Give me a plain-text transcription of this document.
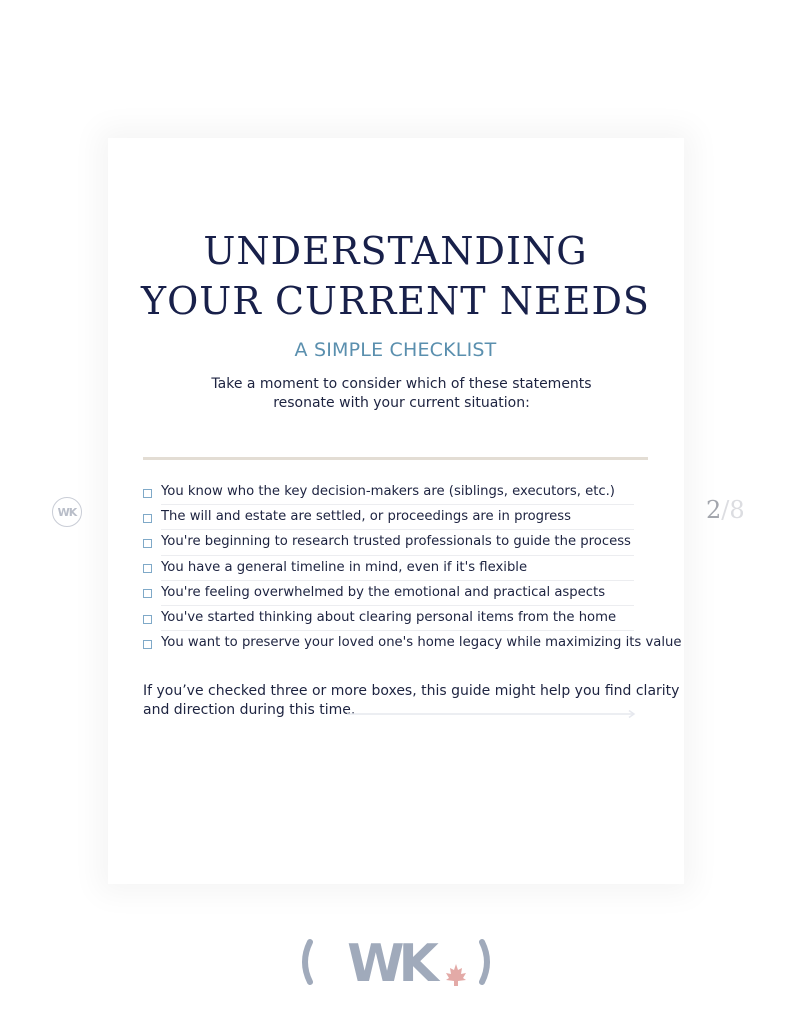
UNDERSTANDING
YOUR CURRENT NEEDS
A SIMPLE CHECKLIST
Take a moment to consider which of these statements
resonate with your current situation:
You know who the key decision-makers are (siblings, executors, etc.)
The will and estate are settled, or proceedings are in progress
You're beginning to research trusted professionals to guide the process
You have a general timeline in mind, even if it's flexible
You're feeling overwhelmed by the emotional and practical aspects
You've started thinking about clearing personal items from the home
You want to preserve your loved one's home legacy while maximizing its value
If you’ve checked three or more boxes, this guide might help you find clarity
and direction during this time.
WK	2/8
WK
